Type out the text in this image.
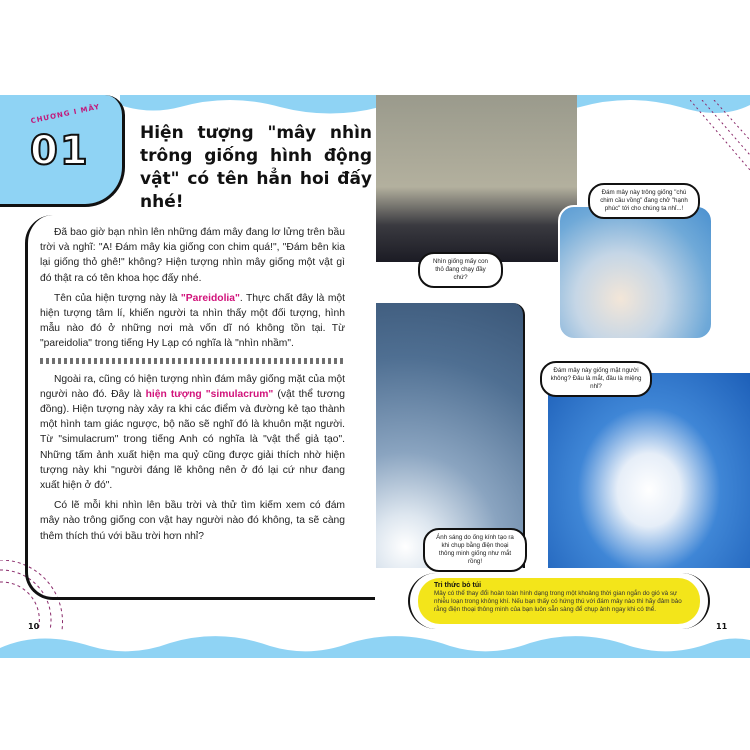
CHƯƠNG I MÂY
01	Hiện tượng "mây nhìn trông giống hình động vật" có tên hẳn hoi đấy nhé!

Đã bao giờ bạn nhìn lên những đám mây đang lơ lửng trên bầu trời và nghĩ: "A! Đám mây kia giống con chim quá!", "Đám bên kia lại giống thỏ ghê!" không? Hiện tượng nhìn mây giống một vật gì đó thật ra có tên khoa học đấy nhé.

Tên của hiện tượng này là "Pareidolia". Thực chất đây là một hiện tượng tâm lí, khiến người ta nhìn thấy một đối tượng, hình mẫu nào đó ở những nơi mà vốn dĩ nó không tồn tại. Từ "pareidolia" trong tiếng Hy Lạp có nghĩa là "nhìn nhầm".

Ngoài ra, cũng có hiện tượng nhìn đám mây giống mặt của một người nào đó. Đây là hiện tượng "simulacrum" (vật thể tương đồng). Hiện tượng này xảy ra khi các điểm và đường kẻ tạo thành một hình tam giác ngược, bộ não sẽ nghĩ đó là khuôn mặt người. Từ "simulacrum" trong tiếng Anh có nghĩa là "vật thể giả tạo". Những tấm ảnh xuất hiện ma quỷ cũng được giải thích nhờ hiện tượng này khi "người đáng lẽ không nên ở đó lại cứ như đang xuất hiện ở đó".

Có lẽ mỗi khi nhìn lên bầu trời và thử tìm kiếm xem có đám mây nào trông giống con vật hay người nào đó không, ta sẽ càng thêm thích thú với bầu trời hơn nhỉ?

Nhìn giống mấy con thỏ đang chạy đầy chứ?
Đám mây này trông giống "chú chim cầu vồng" đang chở "hạnh phúc" tới cho chúng ta nhỉ...!
Đám mây này giống mặt người không? Đâu là mắt, đâu là miệng nhỉ?
Ánh sáng do ống kính tạo ra khi chụp bằng điện thoại thông minh giống như mắt rồng!
Tri thức bỏ túi
Mây có thể thay đổi hoàn toàn hình dạng trong một khoảng thời gian ngắn do gió và sự nhiễu loạn trong không khí. Nếu bạn thấy có hứng thú với đám mây nào thì hãy đảm bảo rằng điện thoại thông minh của bạn luôn sẵn sàng để chụp ảnh ngay khi có thể.
10	11
